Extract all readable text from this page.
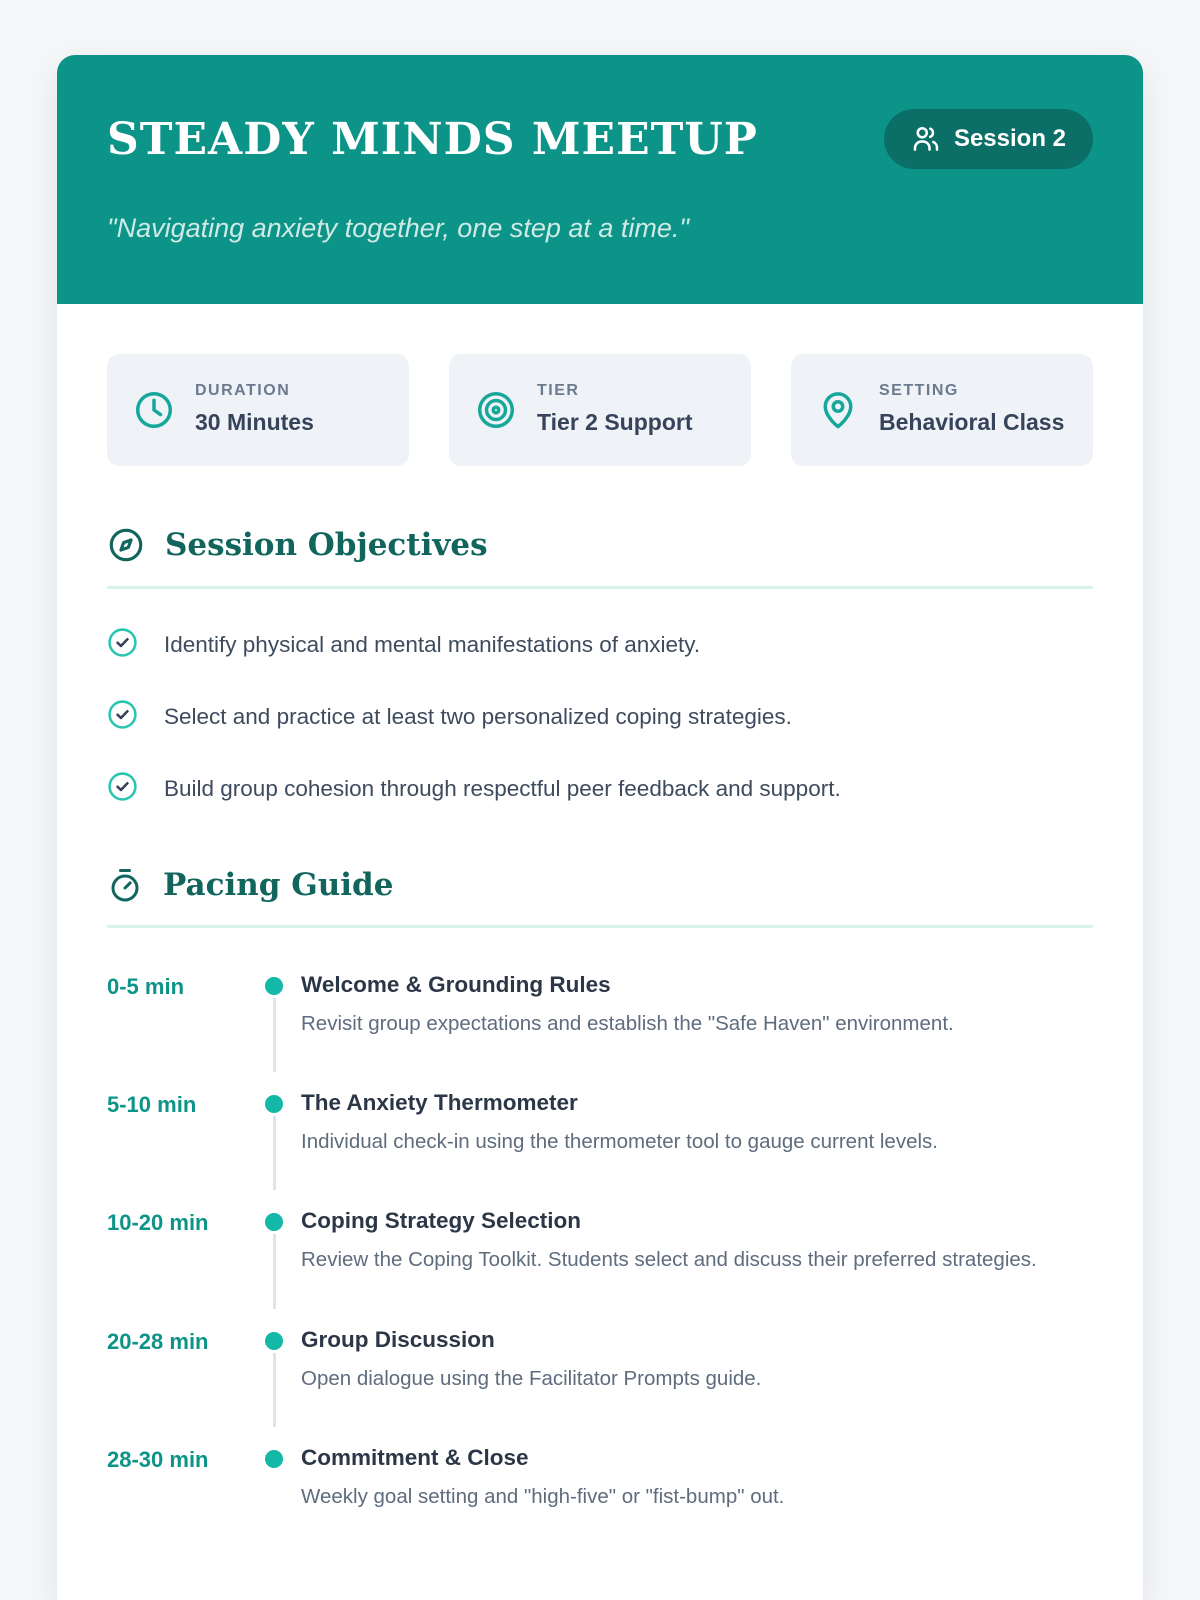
STEADY MINDS MEETUP	Session 2

"Navigating anxiety together, one step at a time."

DURATION
30 Minutes
TIER
Tier 2 Support
SETTING
Behavioral Class
Session Objectives
Identify physical and mental manifestations of anxiety.
Select and practice at least two personalized coping strategies.
Build group cohesion through respectful peer feedback and support.
Pacing Guide
0-5 min	Welcome & Grounding Rules
Revisit group expectations and establish the "Safe Haven" environment.
5-10 min	The Anxiety Thermometer
Individual check-in using the thermometer tool to gauge current levels.
10-20 min	Coping Strategy Selection
Review the Coping Toolkit. Students select and discuss their preferred strategies.
20-28 min	Group Discussion
Open dialogue using the Facilitator Prompts guide.
28-30 min	Commitment & Close
Weekly goal setting and "high-five" or "fist-bump" out.
